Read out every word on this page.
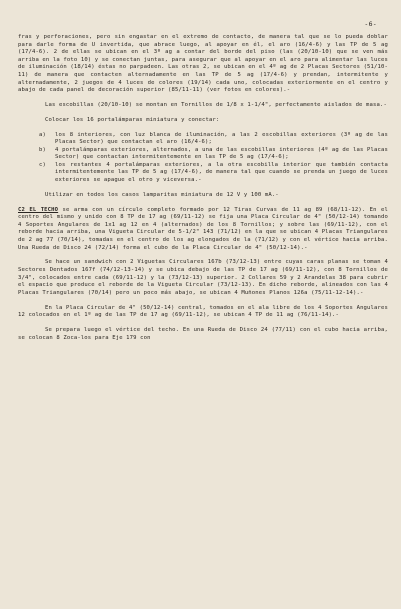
-6-

fras y perforaciones, pero sin engastar en el extremo de contacto, de manera tal que se lo pueda doblar para darle forma de U invertida, que abrace luego, al apoyar en él, el aro (16/4-6) y las TP de 5 ag (17/4-6). 2 de ellas se ubican en el 3º ag a contar del borde del piso (las (20/10-10) que se ven más arriba en la foto 10) y se conectan juntas, para asegurar que al apoyar en el aro para alimentar las luces de iluminación (18/14) éstas no parpadeen. Las otras 2, se ubican en el 4º ag de 2 Placas Sectores (51/10-11) de manera que contacten alternadamente en las TP de 5 ag (17/4-6) y prendan, intermitente y alternadamente, 2 juegos de 4 luces de colores (19/14) cada uno, colocadas exteriormente en el centro y abajo de cada panel de decoración superior (85/11-11) (ver fotos en colores).-

Las escobillas (20/10-10) se montan en Tornillos de 1/8 x 1-1/4", perfectamente aislados de masa.-

Colocar los 16 portalámparas miniatura y conectar:

a)	los 8 interiores, con luz blanca de iluminación, a las 2 escobillas exteriores (3º ag de las Placas Sector) que contactan el aro (16/4-6);
b)	4 portalámparas exteriores, alternados, a una de las escobillas interiores (4º ag de las Placas Sector) que contactan intermitentemente en las TP de 5 ag (17/4-6);
c)	los restantes 4 portalámparas exteriores, a la otra escobilla interior que también contacta intermitentemente las TP de 5 ag (17/4-6), de manera tal que cuando se prenda un juego de luces exteriores se apague el otro y viceversa.-

Utilizar en todos los casos lamparitas miniatura de 12 V y 100 mA.-

C2 EL TECHO se arma con un círculo completo formado por 12 Tiras Curvas de 11 ag 89 (68/11-12). En el centro del mismo y unido con 8 TP de 17 ag (69/11-12) se fija una Placa Circular de 4" (50/12-14) tomando 4 Soportes Angulares de 1x1 ag 12 en 4 (alternados) de los 8 Tornillos; y sobre las (69/11-12), con el reborde hacia arriba, una Vigueta Circular de 5-1/2" 143 (71/12) en la que se ubican 4 Placas Triangulares de 2 ag 77 (70/14), tomadas en el centro de los ag elongados de la (71/12) y con el vértice hacia arriba. Una Rueda de Disco 24 (72/14) forma el cubo de la Placa Circular de 4" (50/12-14).-

Se hace un sandwich con 2 Viguetas Circulares 167b (73/12-13) entre cuyas caras planas se toman 4 Sectores Dentados 167f (74/12-13-14) y se ubica debajo de las TP de 17 ag (69/11-12), con 8 Tornillos de 3/4", colocados entre cada (69/11-12) y la (73/12-13) superior. 2 Collares 59 y 2 Arandelas 38 para cubrir el espacio que produce el reborde de la Vigueta Circular (73/12-13). En dicho reborde, alineados con las 4 Placas Triangulares (70/14) pero un poco más abajo, se ubican 4 Muñones Planos 126a (75/11-12-14).-

En la Placa Circular de 4" (50/12-14) central, tomados en el ala libre de los 4 Soportes Angulares 12 colocados en el 1º ag de las TP de 17 ag (69/11-12), se ubican 4 TP de 11 ag (76/11-14).-

Se prepara luego el vértice del techo. En una Rueda de Disco 24 (77/11) con el cubo hacia arriba, se colocan 8 Zoca-los para Eje 179 con
